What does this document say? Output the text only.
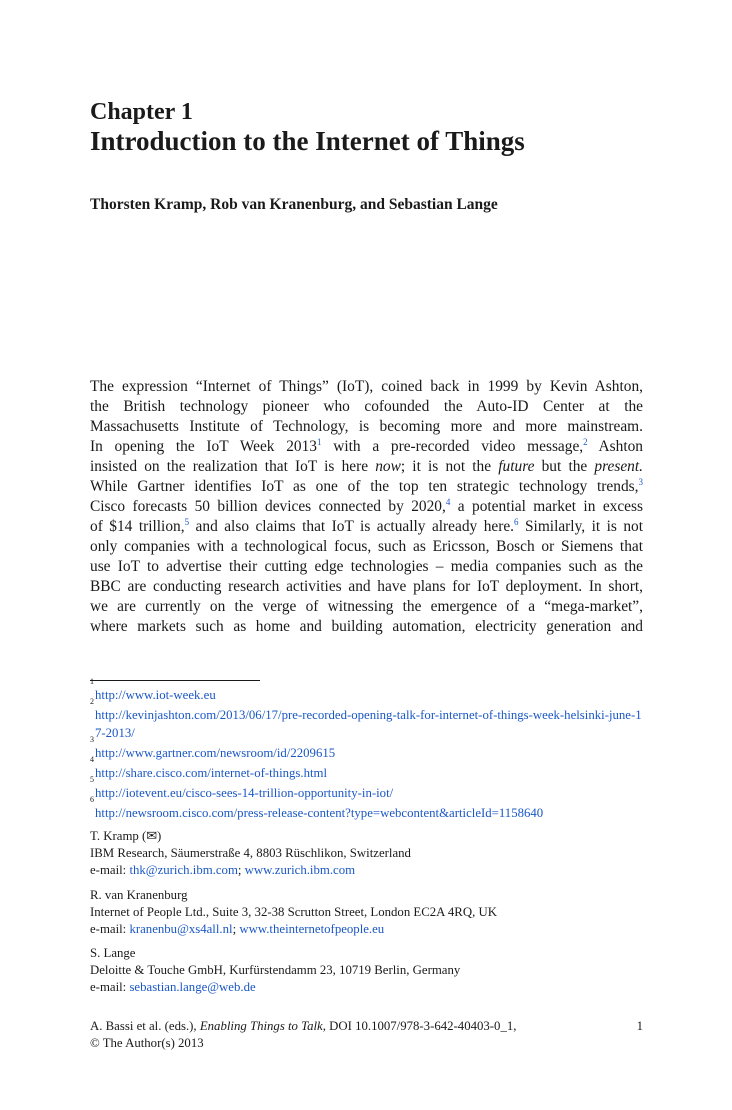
Chapter 1
Introduction to the Internet of Things
Thorsten Kramp, Rob van Kranenburg, and Sebastian Lange
The expression “Internet of Things” (IoT), coined back in 1999 by Kevin Ashton,
the British technology pioneer who cofounded the Auto-ID Center at the
Massachusetts Institute of Technology, is becoming more and more mainstream.
In opening the IoT Week 2013$^1$ with a pre-recorded video message,$^2$ Ashton
insisted on the realization that IoT is here now; it is not the future but the present.
While Gartner identifies IoT as one of the top ten strategic technology trends,$^3$
Cisco forecasts 50 billion devices connected by 2020,$^4$ a potential market in excess
of $14 trillion,$^5$ and also claims that IoT is actually already here.$^6$ Similarly, it is not
only companies with a technological focus, such as Ericsson, Bosch or Siemens that
use IoT to advertise their cutting edge technologies – media companies such as the
BBC are conducting research activities and have plans for IoT deployment. In short,
we are currently on the verge of witnessing the emergence of a “mega-market”,
where markets such as home and building automation, electricity generation and
1
http://www.iot-week.eu
2
http://kevinjashton.com/2013/06/17/pre-recorded-opening-talk-for-internet-of-things-week-helsinki-june-17-2013/
3
http://www.gartner.com/newsroom/id/2209615
4
http://share.cisco.com/internet-of-things.html
5
http://iotevent.eu/cisco-sees-14-trillion-opportunity-in-iot/
6
http://newsroom.cisco.com/press-release-content?type=webcontent&articleId=1158640
T. Kramp (✉)
IBM Research, Säumerstraße 4, 8803 Rüschlikon, Switzerland
e-mail: thk@zurich.ibm.com; www.zurich.ibm.com
R. van Kranenburg
Internet of People Ltd., Suite 3, 32-38 Scrutton Street, London EC2A 4RQ, UK
e-mail: kranenbu@xs4all.nl; www.theinternetofpeople.eu
S. Lange
Deloitte & Touche GmbH, Kurfürstendamm 23, 10719 Berlin, Germany
e-mail: sebastian.lange@web.de
A. Bassi et al. (eds.), Enabling Things to Talk, DOI 10.1007/978-3-642-40403-0_1,
© The Author(s) 2013
1
